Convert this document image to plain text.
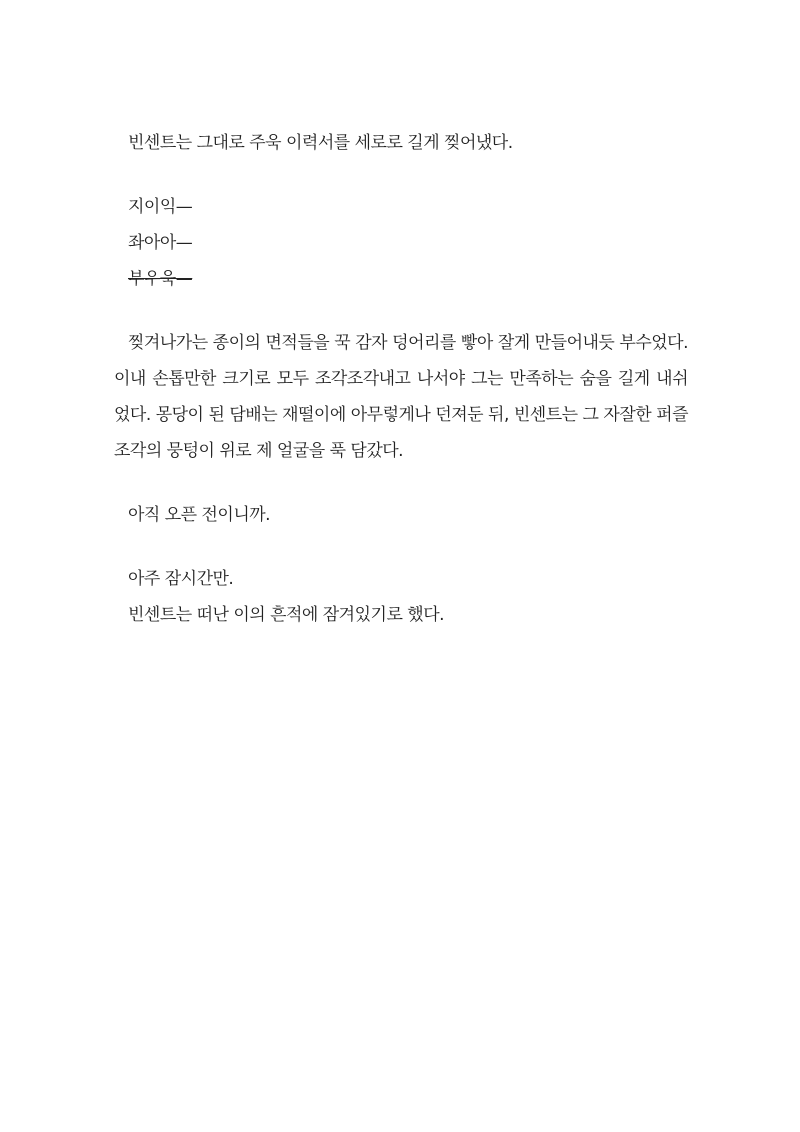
빈센트는 그대로 주욱 이력서를 세로로 길게 찢어냈다.
지이익—
좌아아—
부우욱—
찢겨나가는 종이의 면적들을 꾹 감자 덩어리를 빻아 잘게 만들어내듯 부수었다. 이내 손톱만한 크기로 모두 조각조각내고 나서야 그는 만족하는 숨을 길게 내쉬었다. 몽당이 된 담배는 재떨이에 아무렇게나 던져둔 뒤, 빈센트는 그 자잘한 퍼즐 조각의 뭉텅이 위로 제 얼굴을 푹 담갔다.
아직 오픈 전이니까.
아주 잠시간만.
빈센트는 떠난 이의 흔적에 잠겨있기로 했다.
